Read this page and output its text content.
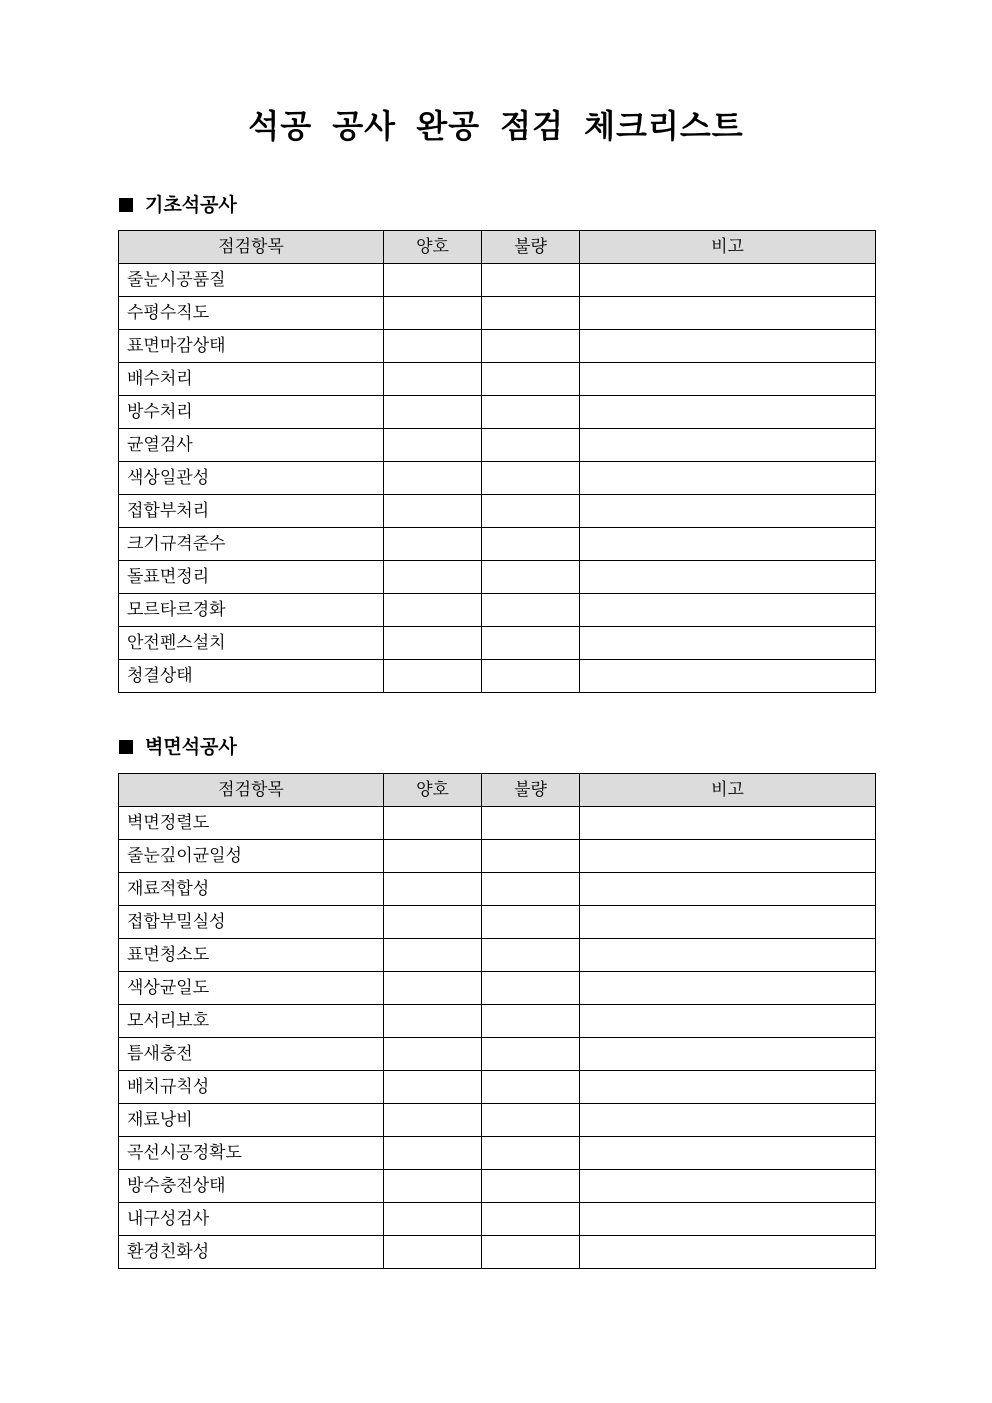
석공 공사 완공 점검 체크리스트
기초석공사
점검항목	양호	불량	비고
줄눈시공품질			
수평수직도			
표면마감상태			
배수처리			
방수처리			
균열검사			
색상일관성			
접합부처리			
크기규격준수			
돌표면정리			
모르타르경화			
안전펜스설치			
청결상태			
벽면석공사
점검항목	양호	불량	비고
벽면정렬도			
줄눈깊이균일성			
재료적합성			
접합부밀실성			
표면청소도			
색상균일도			
모서리보호			
틈새충전			
배치규칙성			
재료낭비			
곡선시공정확도			
방수충전상태			
내구성검사			
환경친화성			
